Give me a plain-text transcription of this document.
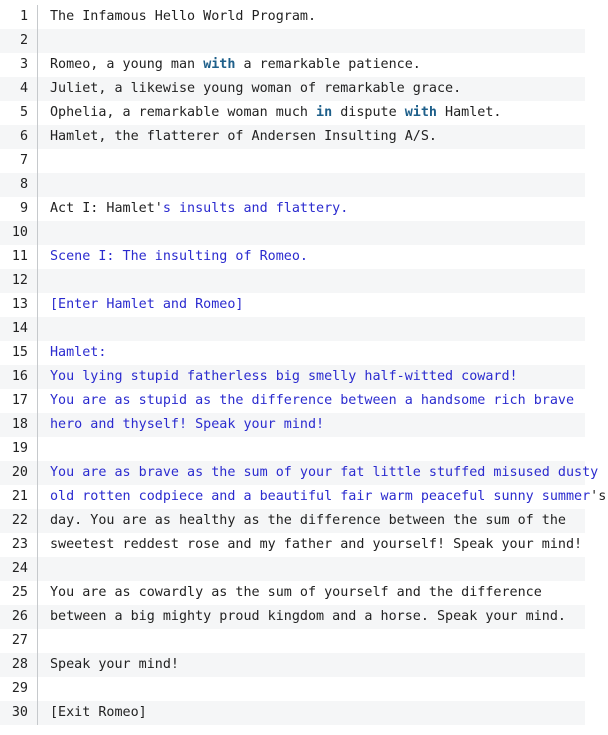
1	The Infamous Hello World Program.
2
3	Romeo, a young man with a remarkable patience.
4	Juliet, a likewise young woman of remarkable grace.
5	Ophelia, a remarkable woman much in dispute with Hamlet.
6	Hamlet, the flatterer of Andersen Insulting A/S.
7
8
9	Act I: Hamlet's insults and flattery.
10
11	Scene I: The insulting of Romeo.
12
13	[Enter Hamlet and Romeo]
14
15	Hamlet:
16	You lying stupid fatherless big smelly half-witted coward!
17	You are as stupid as the difference between a handsome rich brave
18	hero and thyself! Speak your mind!
19
20	You are as brave as the sum of your fat little stuffed misused dusty
21	old rotten codpiece and a beautiful fair warm peaceful sunny summer's
22	day. You are as healthy as the difference between the sum of the
23	sweetest reddest rose and my father and yourself! Speak your mind!
24
25	You are as cowardly as the sum of yourself and the difference
26	between a big mighty proud kingdom and a horse. Speak your mind.
27
28	Speak your mind!
29
30	[Exit Romeo]
